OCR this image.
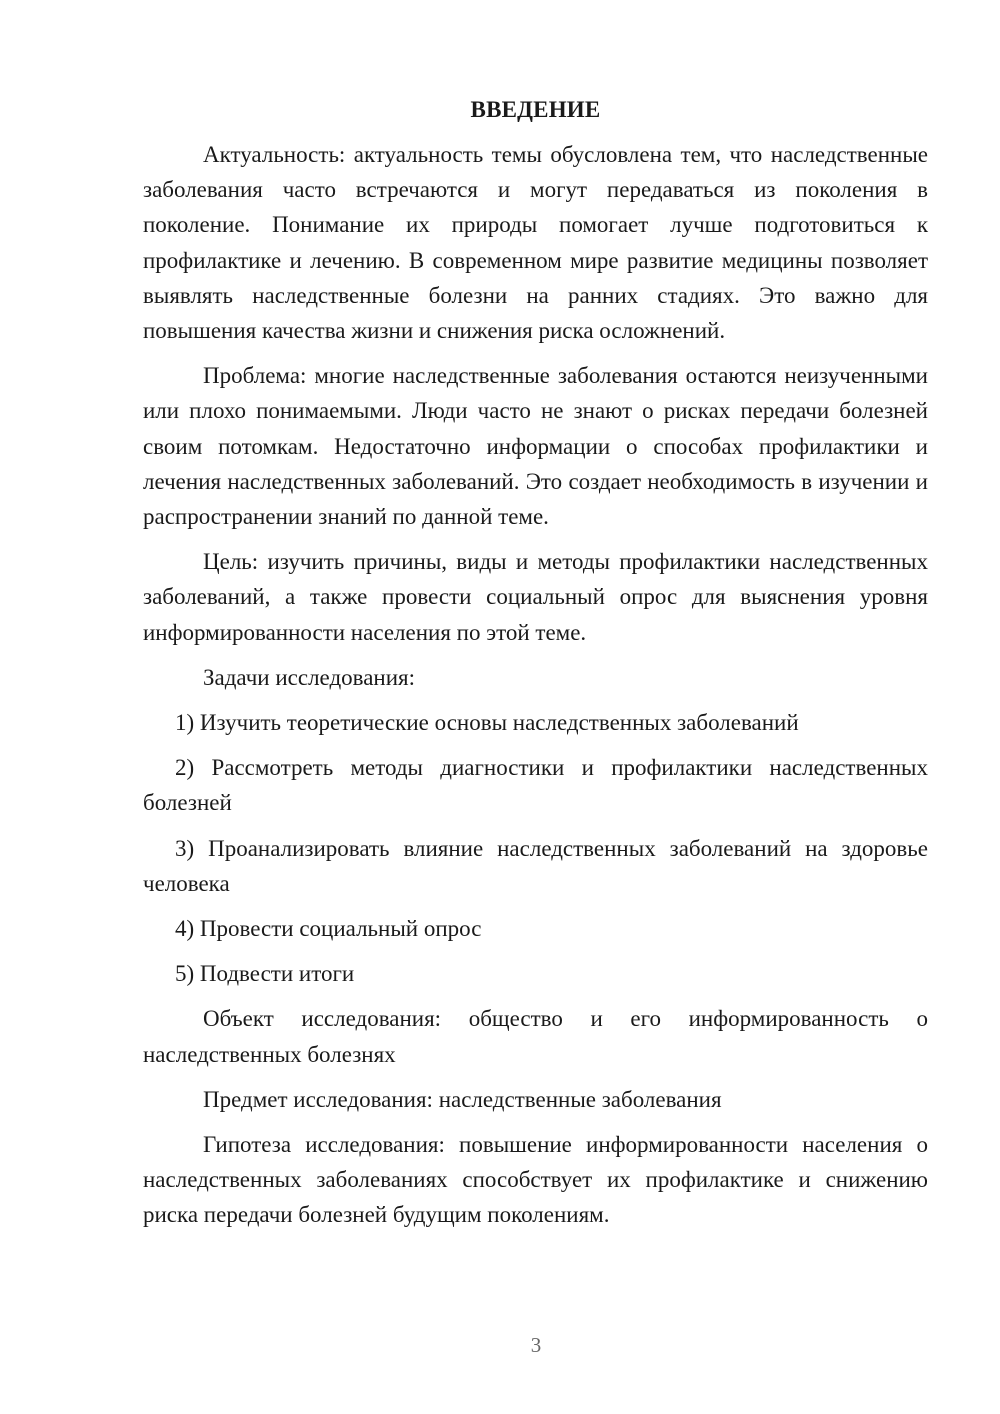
ВВЕДЕНИЕ

Актуальность: актуальность темы обусловлена тем, что наследственные заболевания часто встречаются и могут передаваться из поколения в поколение. Понимание их природы помогает лучше подготовиться к профилактике и лечению. В современном мире развитие медицины позволяет выявлять наследственные болезни на ранних стадиях. Это важно для повышения качества жизни и снижения риска осложнений.

Проблема: многие наследственные заболевания остаются неизученными или плохо понимаемыми. Люди часто не знают о рисках передачи болезней своим потомкам. Недостаточно информации о способах профилактики и лечения наследственных заболеваний. Это создает необходимость в изучении и распространении знаний по данной теме.

Цель: изучить причины, виды и методы профилактики наследственных заболеваний, а также провести социальный опрос для выяснения уровня информированности населения по этой теме.

Задачи исследования:

1) Изучить теоретические основы наследственных заболеваний

2) Рассмотреть методы диагностики и профилактики наследственных болезней

3) Проанализировать влияние наследственных заболеваний на здоровье человека

4) Провести социальный опрос

5) Подвести итоги

Объект исследования: общество и его информированность о наследственных болезнях

Предмет исследования: наследственные заболевания

Гипотеза исследования: повышение информированности населения о наследственных заболеваниях способствует их профилактике и снижению риска передачи болезней будущим поколениям.

3
